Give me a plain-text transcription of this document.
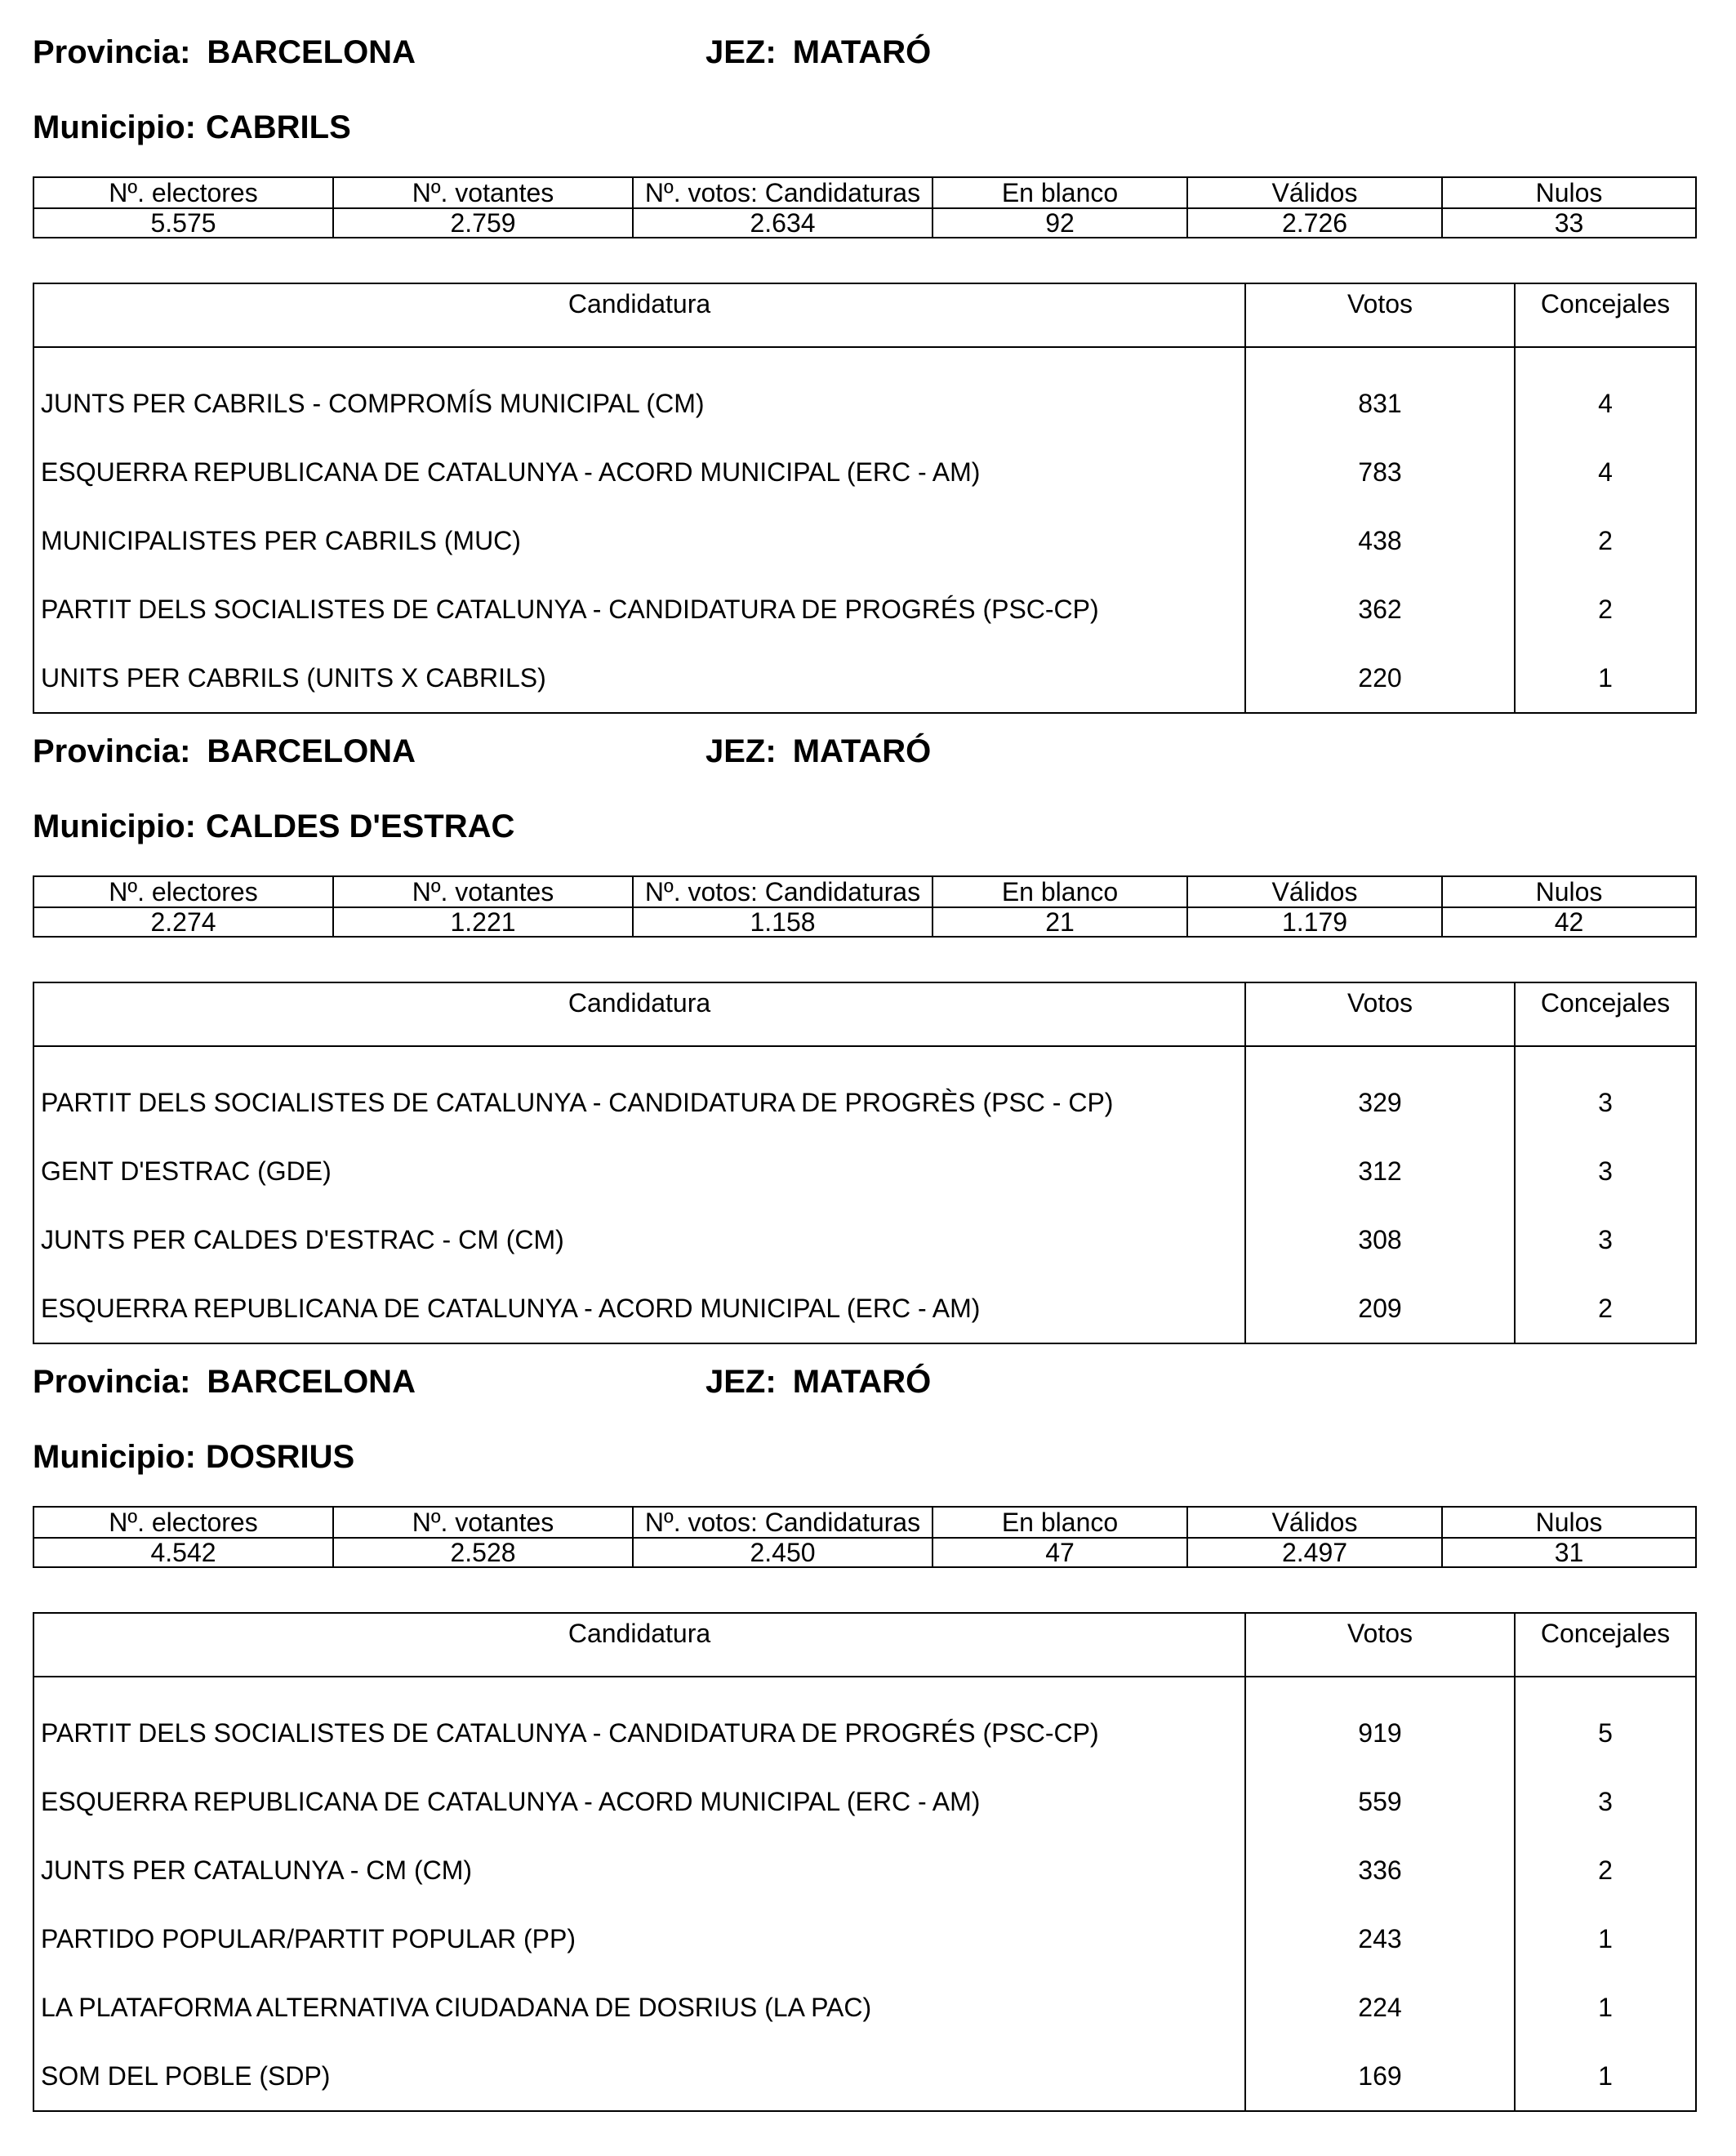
Provincia: BARCELONA	JEZ: MATARÓ
Municipio: CABRILS
Nº. electores	Nº. votantes	Nº. votos: Candidaturas	En blanco	Válidos	Nulos
5.575	2.759	2.634	92	2.726	33
Candidatura	Votos	Concejales
JUNTS PER CABRILS - COMPROMÍS MUNICIPAL (CM)	831	4
ESQUERRA REPUBLICANA DE CATALUNYA - ACORD MUNICIPAL (ERC - AM)	783	4
MUNICIPALISTES PER CABRILS (MUC)	438	2
PARTIT DELS SOCIALISTES DE CATALUNYA - CANDIDATURA DE PROGRÉS (PSC-CP)	362	2
UNITS PER CABRILS (UNITS X CABRILS)	220	1
Provincia: BARCELONA	JEZ: MATARÓ
Municipio: CALDES D'ESTRAC
Nº. electores	Nº. votantes	Nº. votos: Candidaturas	En blanco	Válidos	Nulos
2.274	1.221	1.158	21	1.179	42
Candidatura	Votos	Concejales
PARTIT DELS SOCIALISTES DE CATALUNYA - CANDIDATURA DE PROGRÈS (PSC - CP)	329	3
GENT D'ESTRAC (GDE)	312	3
JUNTS PER CALDES D'ESTRAC - CM (CM)	308	3
ESQUERRA REPUBLICANA DE CATALUNYA - ACORD MUNICIPAL (ERC - AM)	209	2
Provincia: BARCELONA	JEZ: MATARÓ
Municipio: DOSRIUS
Nº. electores	Nº. votantes	Nº. votos: Candidaturas	En blanco	Válidos	Nulos
4.542	2.528	2.450	47	2.497	31
Candidatura	Votos	Concejales
PARTIT DELS SOCIALISTES DE CATALUNYA - CANDIDATURA DE PROGRÉS (PSC-CP)	919	5
ESQUERRA REPUBLICANA DE CATALUNYA - ACORD MUNICIPAL (ERC - AM)	559	3
JUNTS PER CATALUNYA - CM (CM)	336	2
PARTIDO POPULAR/PARTIT POPULAR (PP)	243	1
LA PLATAFORMA ALTERNATIVA CIUDADANA DE DOSRIUS (LA PAC)	224	1
SOM DEL POBLE (SDP)	169	1
